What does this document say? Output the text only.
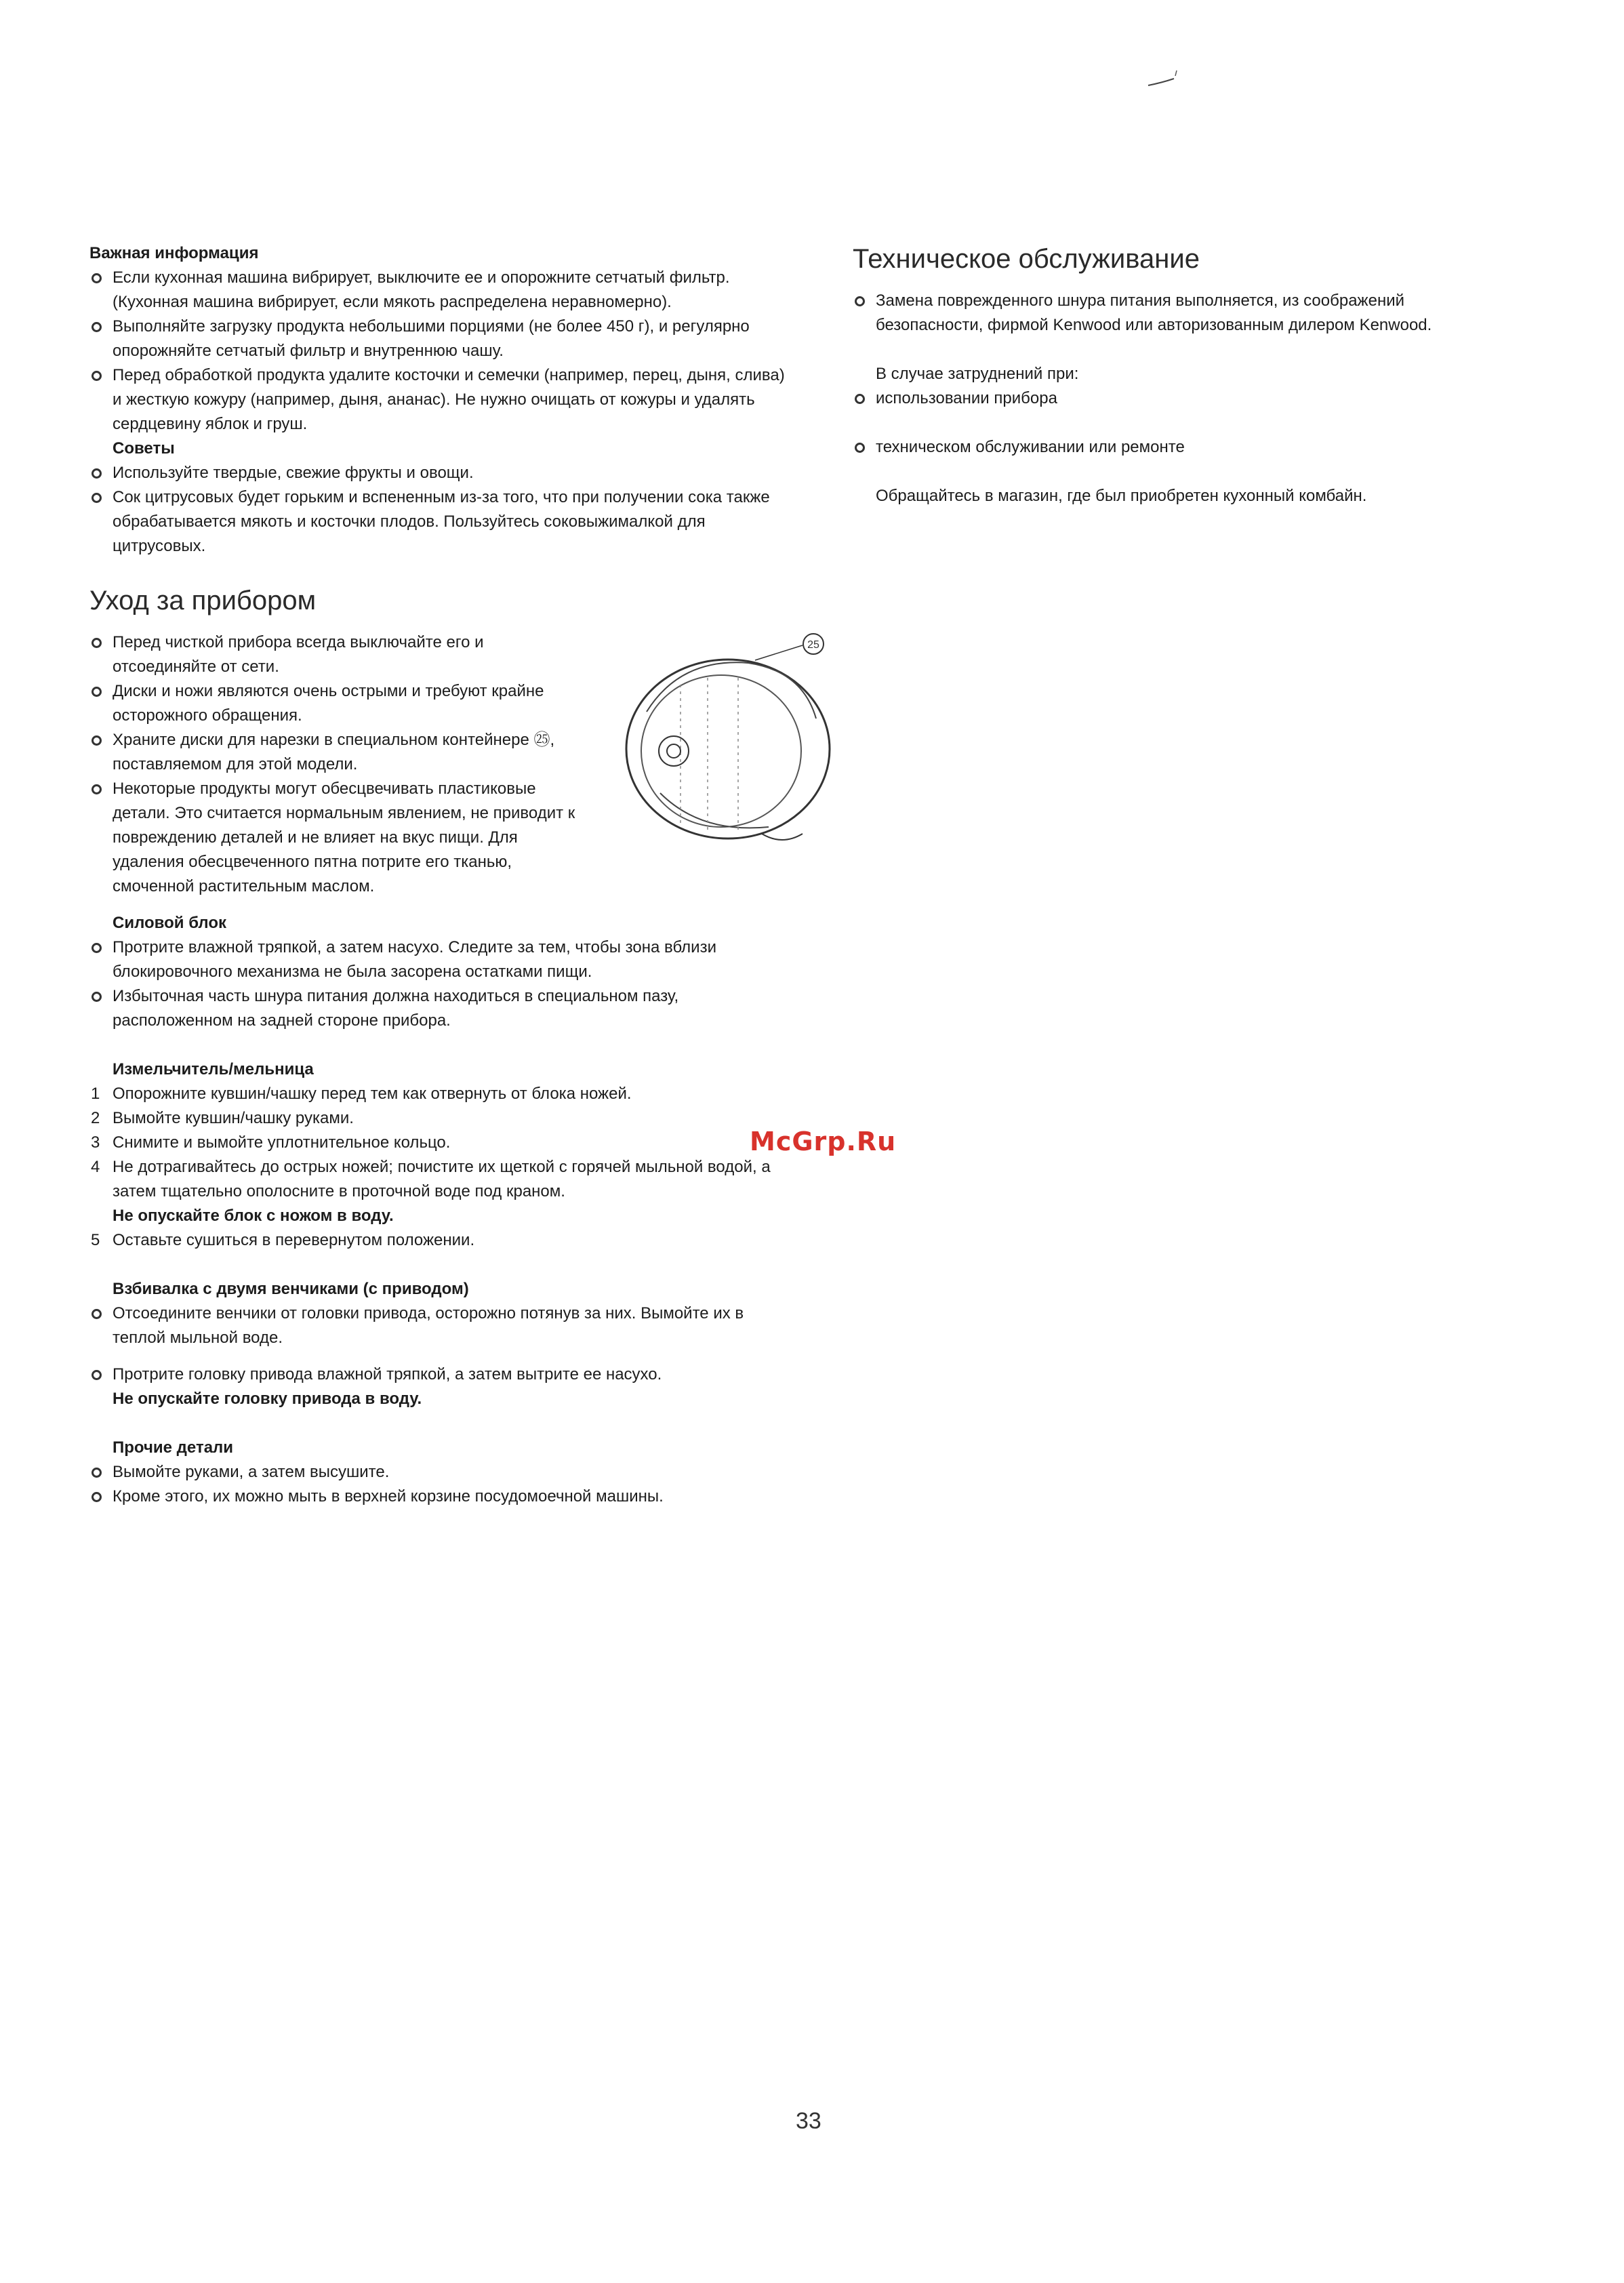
Важная информация
Если кухонная машина вибрирует, выключите ее и опорожните сетчатый фильтр. (Кухонная машина вибрирует, если мякоть распределена неравномерно).
Выполняйте загрузку продукта небольшими порциями (не более 450 г), и регулярно опорожняйте сетчатый фильтр и внутреннюю чашу.
Перед обработкой продукта удалите косточки и семечки (например, перец, дыня, слива) и жесткую кожуру (например, дыня, ананас). Не нужно очищать от кожуры и удалять сердцевину яблок и груш.
Советы
Используйте твердые, свежие фрукты и овощи.
Сок цитрусовых будет горьким и вспененным из-за того, что при получении сока также обрабатывается мякоть и косточки плодов. Пользуйтесь соковыжималкой для цитрусовых.
Уход за прибором
Перед чисткой прибора всегда выключайте его и отсоединяйте от сети.
Диски и ножи являются очень острыми и требуют крайне осторожного обращения.
Храните диски для нарезки в специальном контейнере ㉕, поставляемом для этой модели.
Некоторые продукты могут обесцвечивать пластиковые детали. Это считается нормальным явлением, не приводит к повреждению деталей и не влияет на вкус пищи. Для удаления обесцвеченного пятна потрите его тканью, смоченной растительным маслом.
25
Силовой блок
Протрите влажной тряпкой, а затем насухо. Следите за тем, чтобы зона вблизи блокировочного механизма не была засорена остатками пищи.
Избыточная часть шнура питания должна находиться в специальном пазу, расположенном на задней стороне прибора.
Измельчитель/мельница
1 Опорожните кувшин/чашку перед тем как отвернуть от блока ножей.
2 Вымойте кувшин/чашку руками.
3 Снимите и вымойте уплотнительное кольцо.
4 Не дотрагивайтесь до острых ножей; почистите их щеткой с горячей мыльной водой, а затем тщательно ополосните в проточной воде под краном.

Не опускайте блок с ножом в воду.

5 Оставьте сушиться в перевернутом положении.
Взбивалка с двумя венчиками (с приводом)
Отсоедините венчики от головки привода, осторожно потянув за них. Вымойте их в теплой мыльной воде.
Протрите головку привода влажной тряпкой, а затем вытрите ее насухо.

Не опускайте головку привода в воду.

Прочие детали
Вымойте руками, а затем высушите.
Кроме этого, их можно мыть в верхней корзине посудомоечной машины.
Техническое обслуживание
Замена поврежденного шнура питания выполняется, из соображений безопасности, фирмой Kenwood или авторизованным дилером Kenwood.

В случае затруднений при:

использовании прибора
техническом обслуживании или ремонте

Обращайтесь в магазин, где был приобретен кухонный комбайн.

McGrp.Ru
33
